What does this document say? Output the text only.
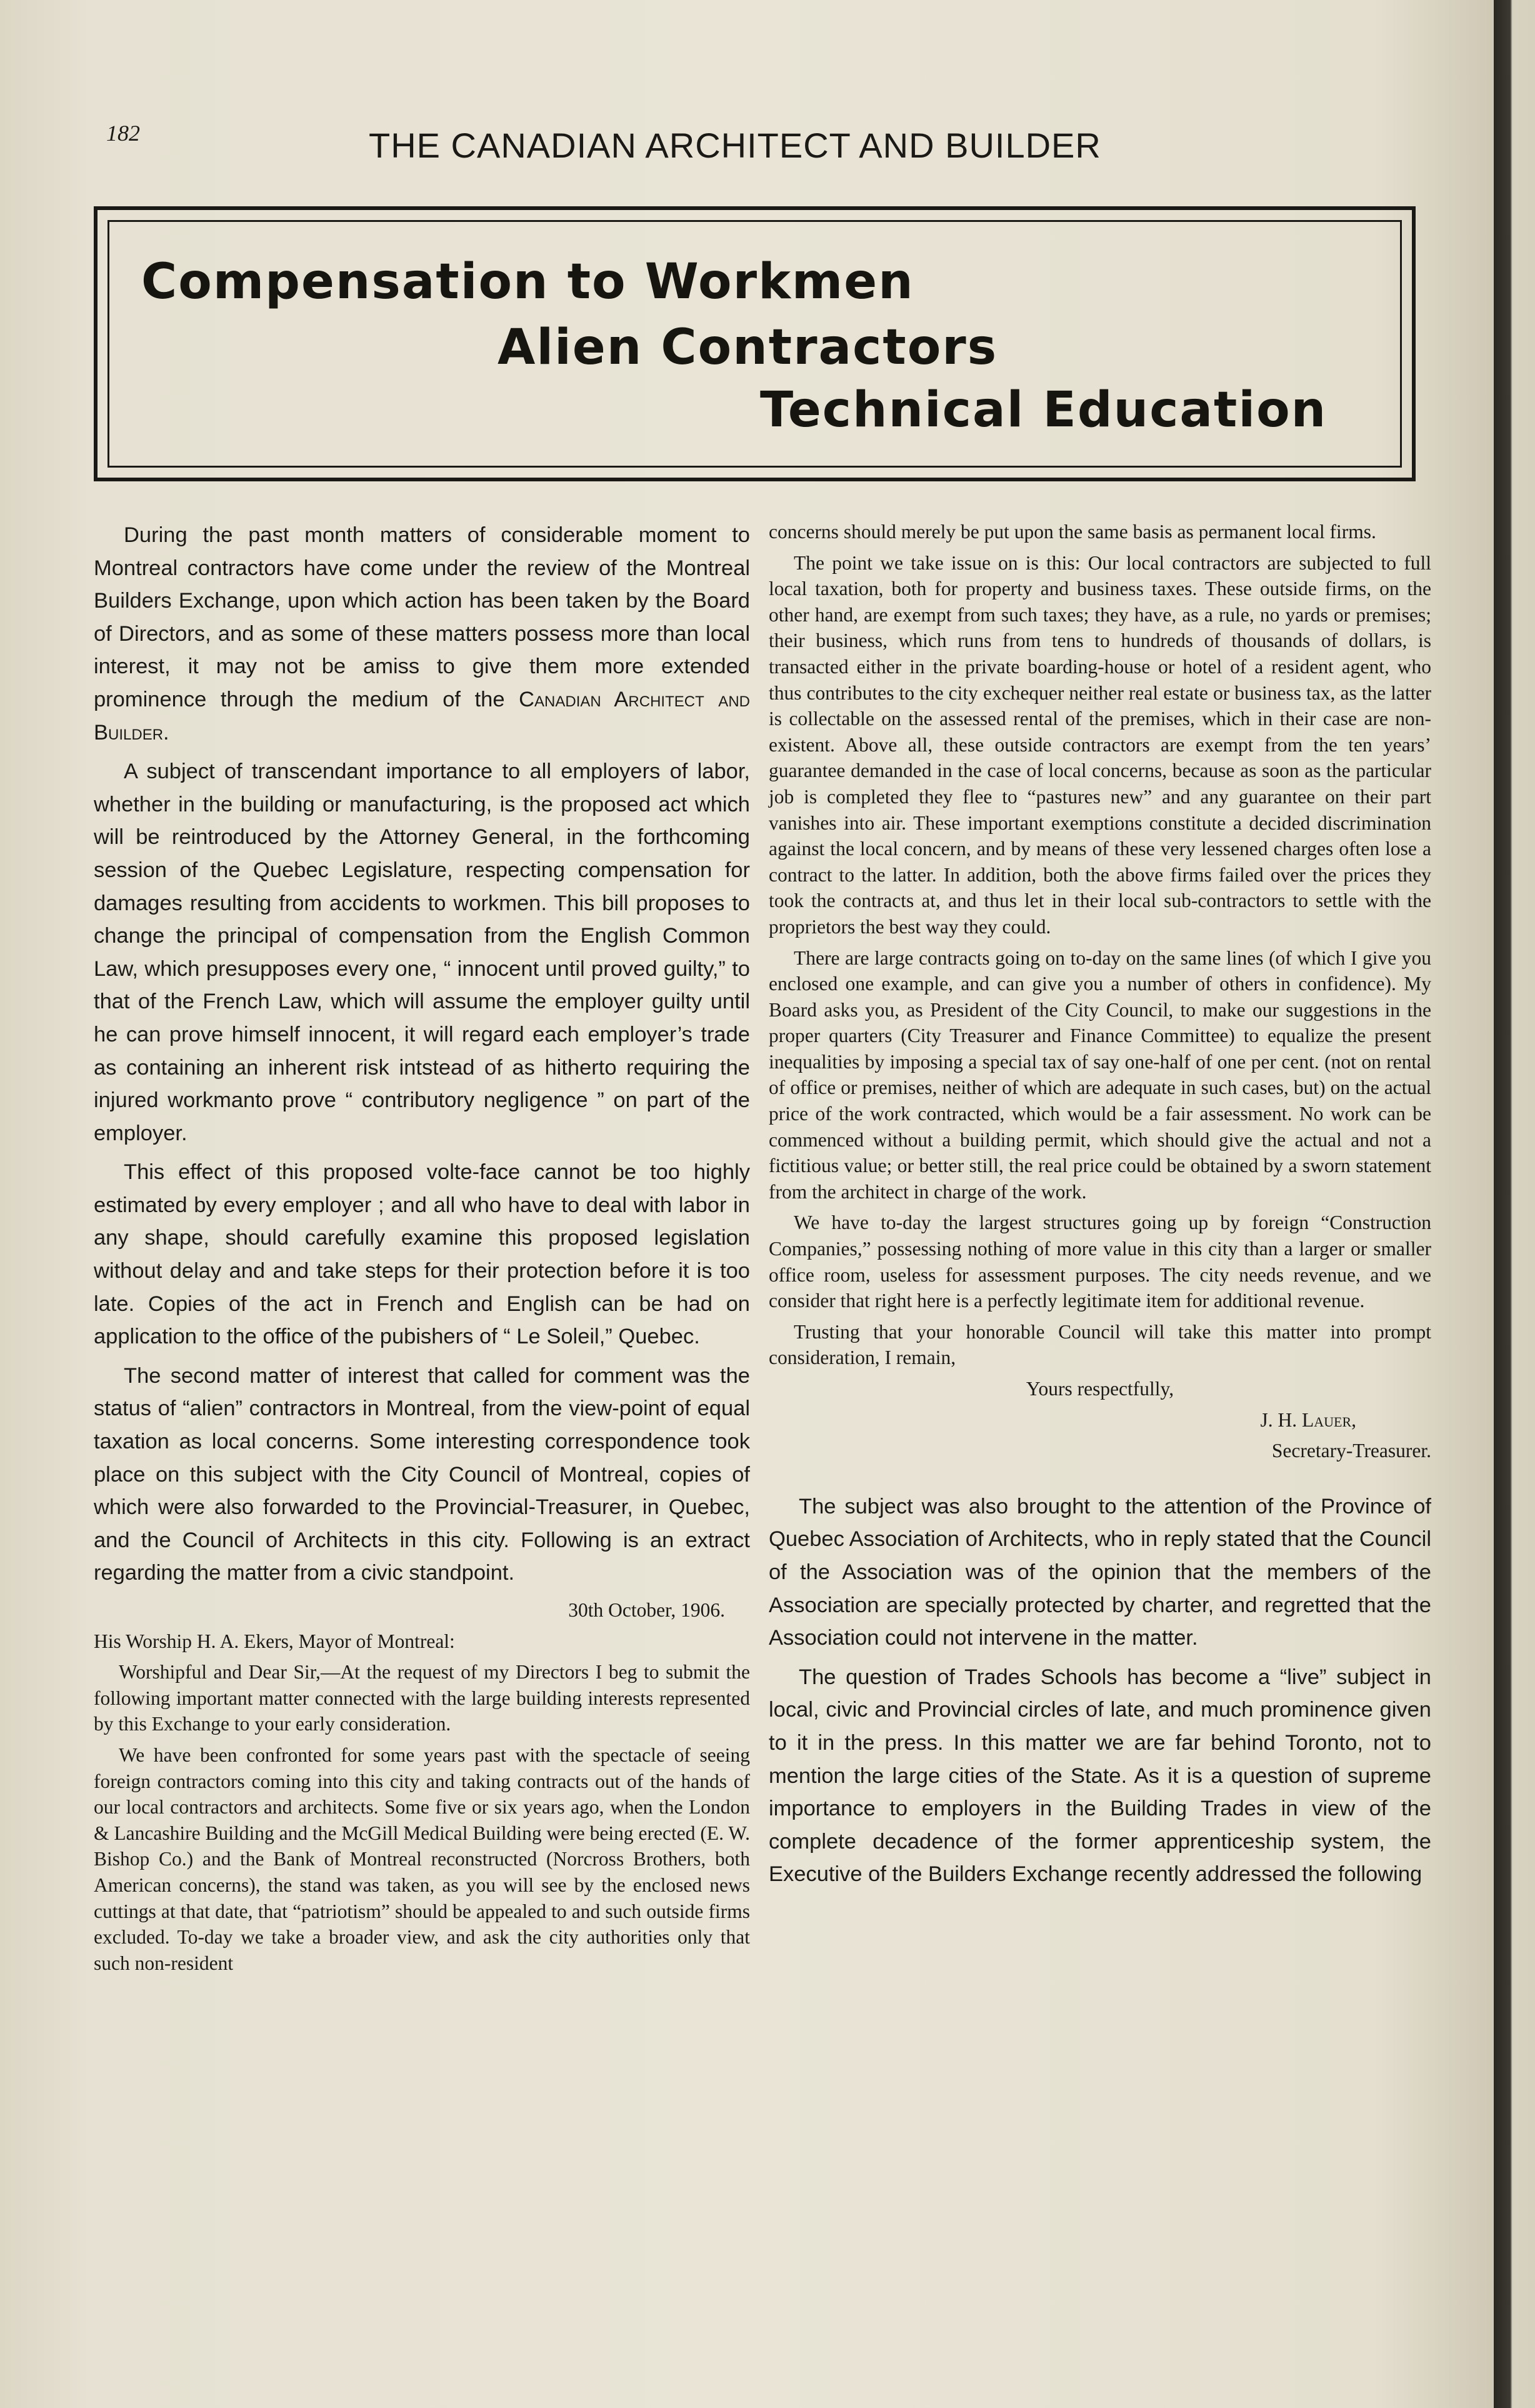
182	THE CANADIAN ARCHITECT AND BUILDER
Compensation to Workmen
Alien Contractors
Technical Education

During the past month matters of considerable moment to Montreal contractors have come under the review of the Montreal Builders Exchange, upon which action has been taken by the Board of Directors, and as some of these matters possess more than local interest, it may not be amiss to give them more extended prominence through the medium of the Canadian Architect and Builder.

A subject of transcendant importance to all employers of labor, whether in the building or manufacturing, is the proposed act which will be reintroduced by the Attorney General, in the forthcoming session of the Quebec Legislature, respecting compensation for damages resulting from accidents to workmen. This bill proposes to change the principal of compensation from the English Common Law, which presupposes every one, “ innocent until proved guilty,” to that of the French Law, which will assume the employer guilty until he can prove himself innocent, it will regard each employer’s trade as containing an inherent risk intstead of as hitherto requiring the injured workmanto prove “ contributory negligence ” on part of the employer.

This effect of this proposed volte-face cannot be too highly estimated by every employer ; and all who have to deal with labor in any shape, should carefully examine this proposed legislation without delay and and take steps for their protection before it is too late. Copies of the act in French and English can be had on application to the office of the pubishers of “ Le Soleil,” Quebec.

The second matter of interest that called for comment was the status of “alien” contractors in Montreal, from the view-point of equal taxation as local concerns. Some interesting correspondence took place on this subject with the City Council of Montreal, copies of which were also forwarded to the Provincial-Treasurer, in Quebec, and the Council of Architects in this city. Following is an extract regarding the matter from a civic standpoint.

30th October, 1906.

His Worship H. A. Ekers, Mayor of Montreal:

Worshipful and Dear Sir,—At the request of my Directors I beg to submit the following important matter connected with the large building interests represented by this Exchange to your early consideration.

We have been confronted for some years past with the spectacle of seeing foreign contractors coming into this city and taking contracts out of the hands of our local contractors and architects. Some five or six years ago, when the London & Lancashire Building and the McGill Medical Building were being erected (E. W. Bishop Co.) and the Bank of Montreal reconstructed (Norcross Brothers, both American concerns), the stand was taken, as you will see by the enclosed news cuttings at that date, that “patriotism” should be appealed to and such outside firms excluded. To-day we take a broader view, and ask the city authorities only that such non-resident

concerns should merely be put upon the same basis as permanent local firms.

The point we take issue on is this: Our local contractors are subjected to full local taxation, both for property and business taxes. These outside firms, on the other hand, are exempt from such taxes; they have, as a rule, no yards or premises; their business, which runs from tens to hundreds of thousands of dollars, is transacted either in the private boarding-house or hotel of a resident agent, who thus contributes to the city exchequer neither real estate or business tax, as the latter is collectable on the assessed rental of the premises, which in their case are non-existent. Above all, these outside contractors are exempt from the ten years’ guarantee demanded in the case of local concerns, because as soon as the particular job is completed they flee to “pastures new” and any guarantee on their part vanishes into air. These important exemptions constitute a decided discrimination against the local concern, and by means of these very lessened charges often lose a contract to the latter. In addition, both the above firms failed over the prices they took the contracts at, and thus let in their local sub-contractors to settle with the proprietors the best way they could.

There are large contracts going on to-day on the same lines (of which I give you enclosed one example, and can give you a number of others in confidence). My Board asks you, as President of the City Council, to make our suggestions in the proper quarters (City Treasurer and Finance Committee) to equalize the present inequalities by imposing a special tax of say one-half of one per cent. (not on rental of office or premises, neither of which are adequate in such cases, but) on the actual price of the work contracted, which would be a fair assessment. No work can be commenced without a building permit, which should give the actual and not a fictitious value; or better still, the real price could be obtained by a sworn statement from the architect in charge of the work.

We have to-day the largest structures going up by foreign “Construction Companies,” possessing nothing of more value in this city than a larger or smaller office room, useless for assessment purposes. The city needs revenue, and we consider that right here is a perfectly legitimate item for additional revenue.

Trusting that your honorable Council will take this matter into prompt consideration, I remain,

Yours respectfully,

J. H. Lauer,

Secretary-Treasurer.

The subject was also brought to the attention of the Province of Quebec Association of Architects, who in reply stated that the Council of the Association was of the opinion that the members of the Association are specially protected by charter, and regretted that the Association could not intervene in the matter.

The question of Trades Schools has become a “live” subject in local, civic and Provincial circles of late, and much prominence given to it in the press. In this matter we are far behind Toronto, not to mention the large cities of the State. As it is a question of supreme importance to employers in the Building Trades in view of the complete decadence of the former apprenticeship system, the Executive of the Builders Exchange recently addressed the following
